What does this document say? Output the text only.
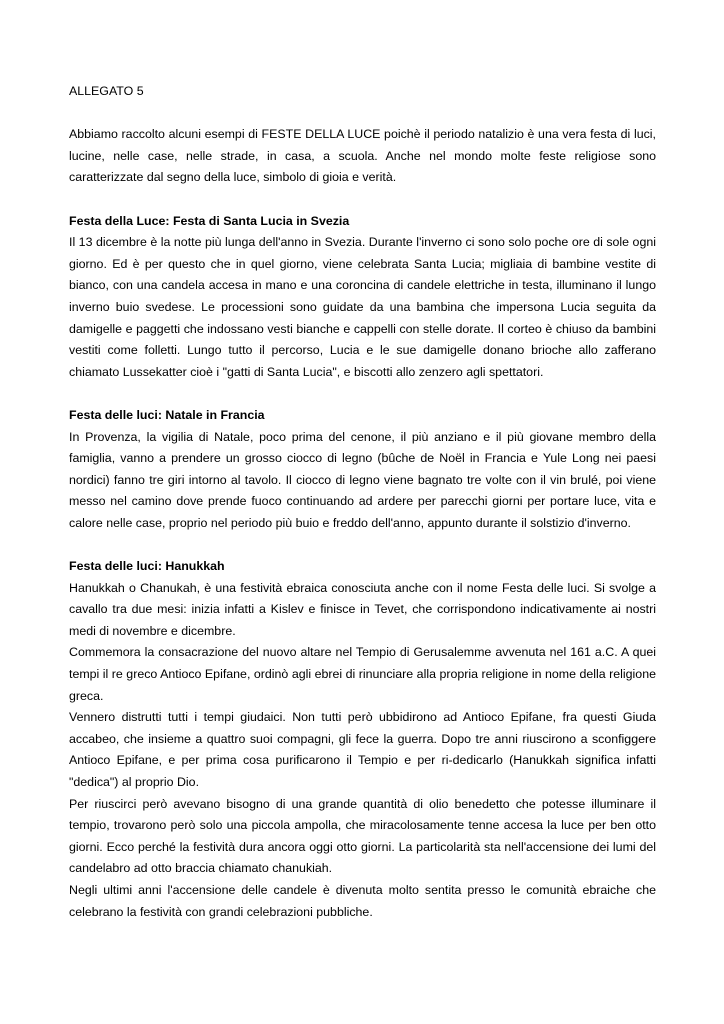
ALLEGATO 5

Abbiamo raccolto alcuni esempi di FESTE DELLA LUCE poichè il periodo natalizio è una vera festa di luci, lucine, nelle case, nelle strade, in casa, a scuola. Anche nel mondo molte feste religiose sono caratterizzate dal segno della luce, simbolo di gioia e verità.

Festa della Luce: Festa di Santa Lucia in Svezia

Il 13 dicembre è la notte più lunga dell'anno in Svezia. Durante l'inverno ci sono solo poche ore di sole ogni giorno. Ed è per questo che in quel giorno, viene celebrata Santa Lucia; migliaia di bambine vestite di bianco, con una candela accesa in mano e una coroncina di candele elettriche in testa, illuminano il lungo inverno buio svedese. Le processioni sono guidate da una bambina che impersona Lucia seguita da damigelle e paggetti che indossano vesti bianche e cappelli con stelle dorate. Il corteo è chiuso da bambini vestiti come folletti. Lungo tutto il percorso, Lucia e le sue damigelle donano brioche allo zafferano chiamato Lussekatter cioè i "gatti di Santa Lucia", e biscotti allo zenzero agli spettatori.

Festa delle luci: Natale in Francia

In Provenza, la vigilia di Natale, poco prima del cenone, il più anziano e il più giovane membro della famiglia, vanno a prendere un grosso ciocco di legno (bûche de Noël in Francia e Yule Long nei paesi nordici) fanno tre giri intorno al tavolo. Il ciocco di legno viene bagnato tre volte con il vin brulé, poi viene messo nel camino dove prende fuoco continuando ad ardere per parecchi giorni per portare luce, vita e calore nelle case, proprio nel periodo più buio e freddo dell'anno, appunto durante il solstizio d'inverno.

Festa delle luci: Hanukkah

Hanukkah o Chanukah, è una festività ebraica conosciuta anche con il nome Festa delle luci. Si svolge a cavallo tra due mesi: inizia infatti a Kislev e finisce in Tevet, che corrispondono indicativamente ai nostri medi di novembre e dicembre.

Commemora la consacrazione del nuovo altare nel Tempio di Gerusalemme avvenuta nel 161 a.C. A quei tempi il re greco Antioco Epifane, ordinò agli ebrei di rinunciare alla propria religione in nome della religione greca.

Vennero distrutti tutti i tempi giudaici. Non tutti però ubbidirono ad Antioco Epifane, fra questi Giuda accabeo, che insieme a quattro suoi compagni, gli fece la guerra. Dopo tre anni riuscirono a sconfiggere Antioco Epifane, e per prima cosa purificarono il Tempio e per ri-dedicarlo (Hanukkah significa infatti "dedica") al proprio Dio.

Per riuscirci però avevano bisogno di una grande quantità di olio benedetto che potesse illuminare il tempio, trovarono però solo una piccola ampolla, che miracolosamente tenne accesa la luce per ben otto giorni. Ecco perché la festività dura ancora oggi otto giorni. La particolarità sta nell'accensione dei lumi del candelabro ad otto braccia chiamato chanukiah.

Negli ultimi anni l'accensione delle candele è divenuta molto sentita presso le comunità ebraiche che celebrano la festività con grandi celebrazioni pubbliche.
